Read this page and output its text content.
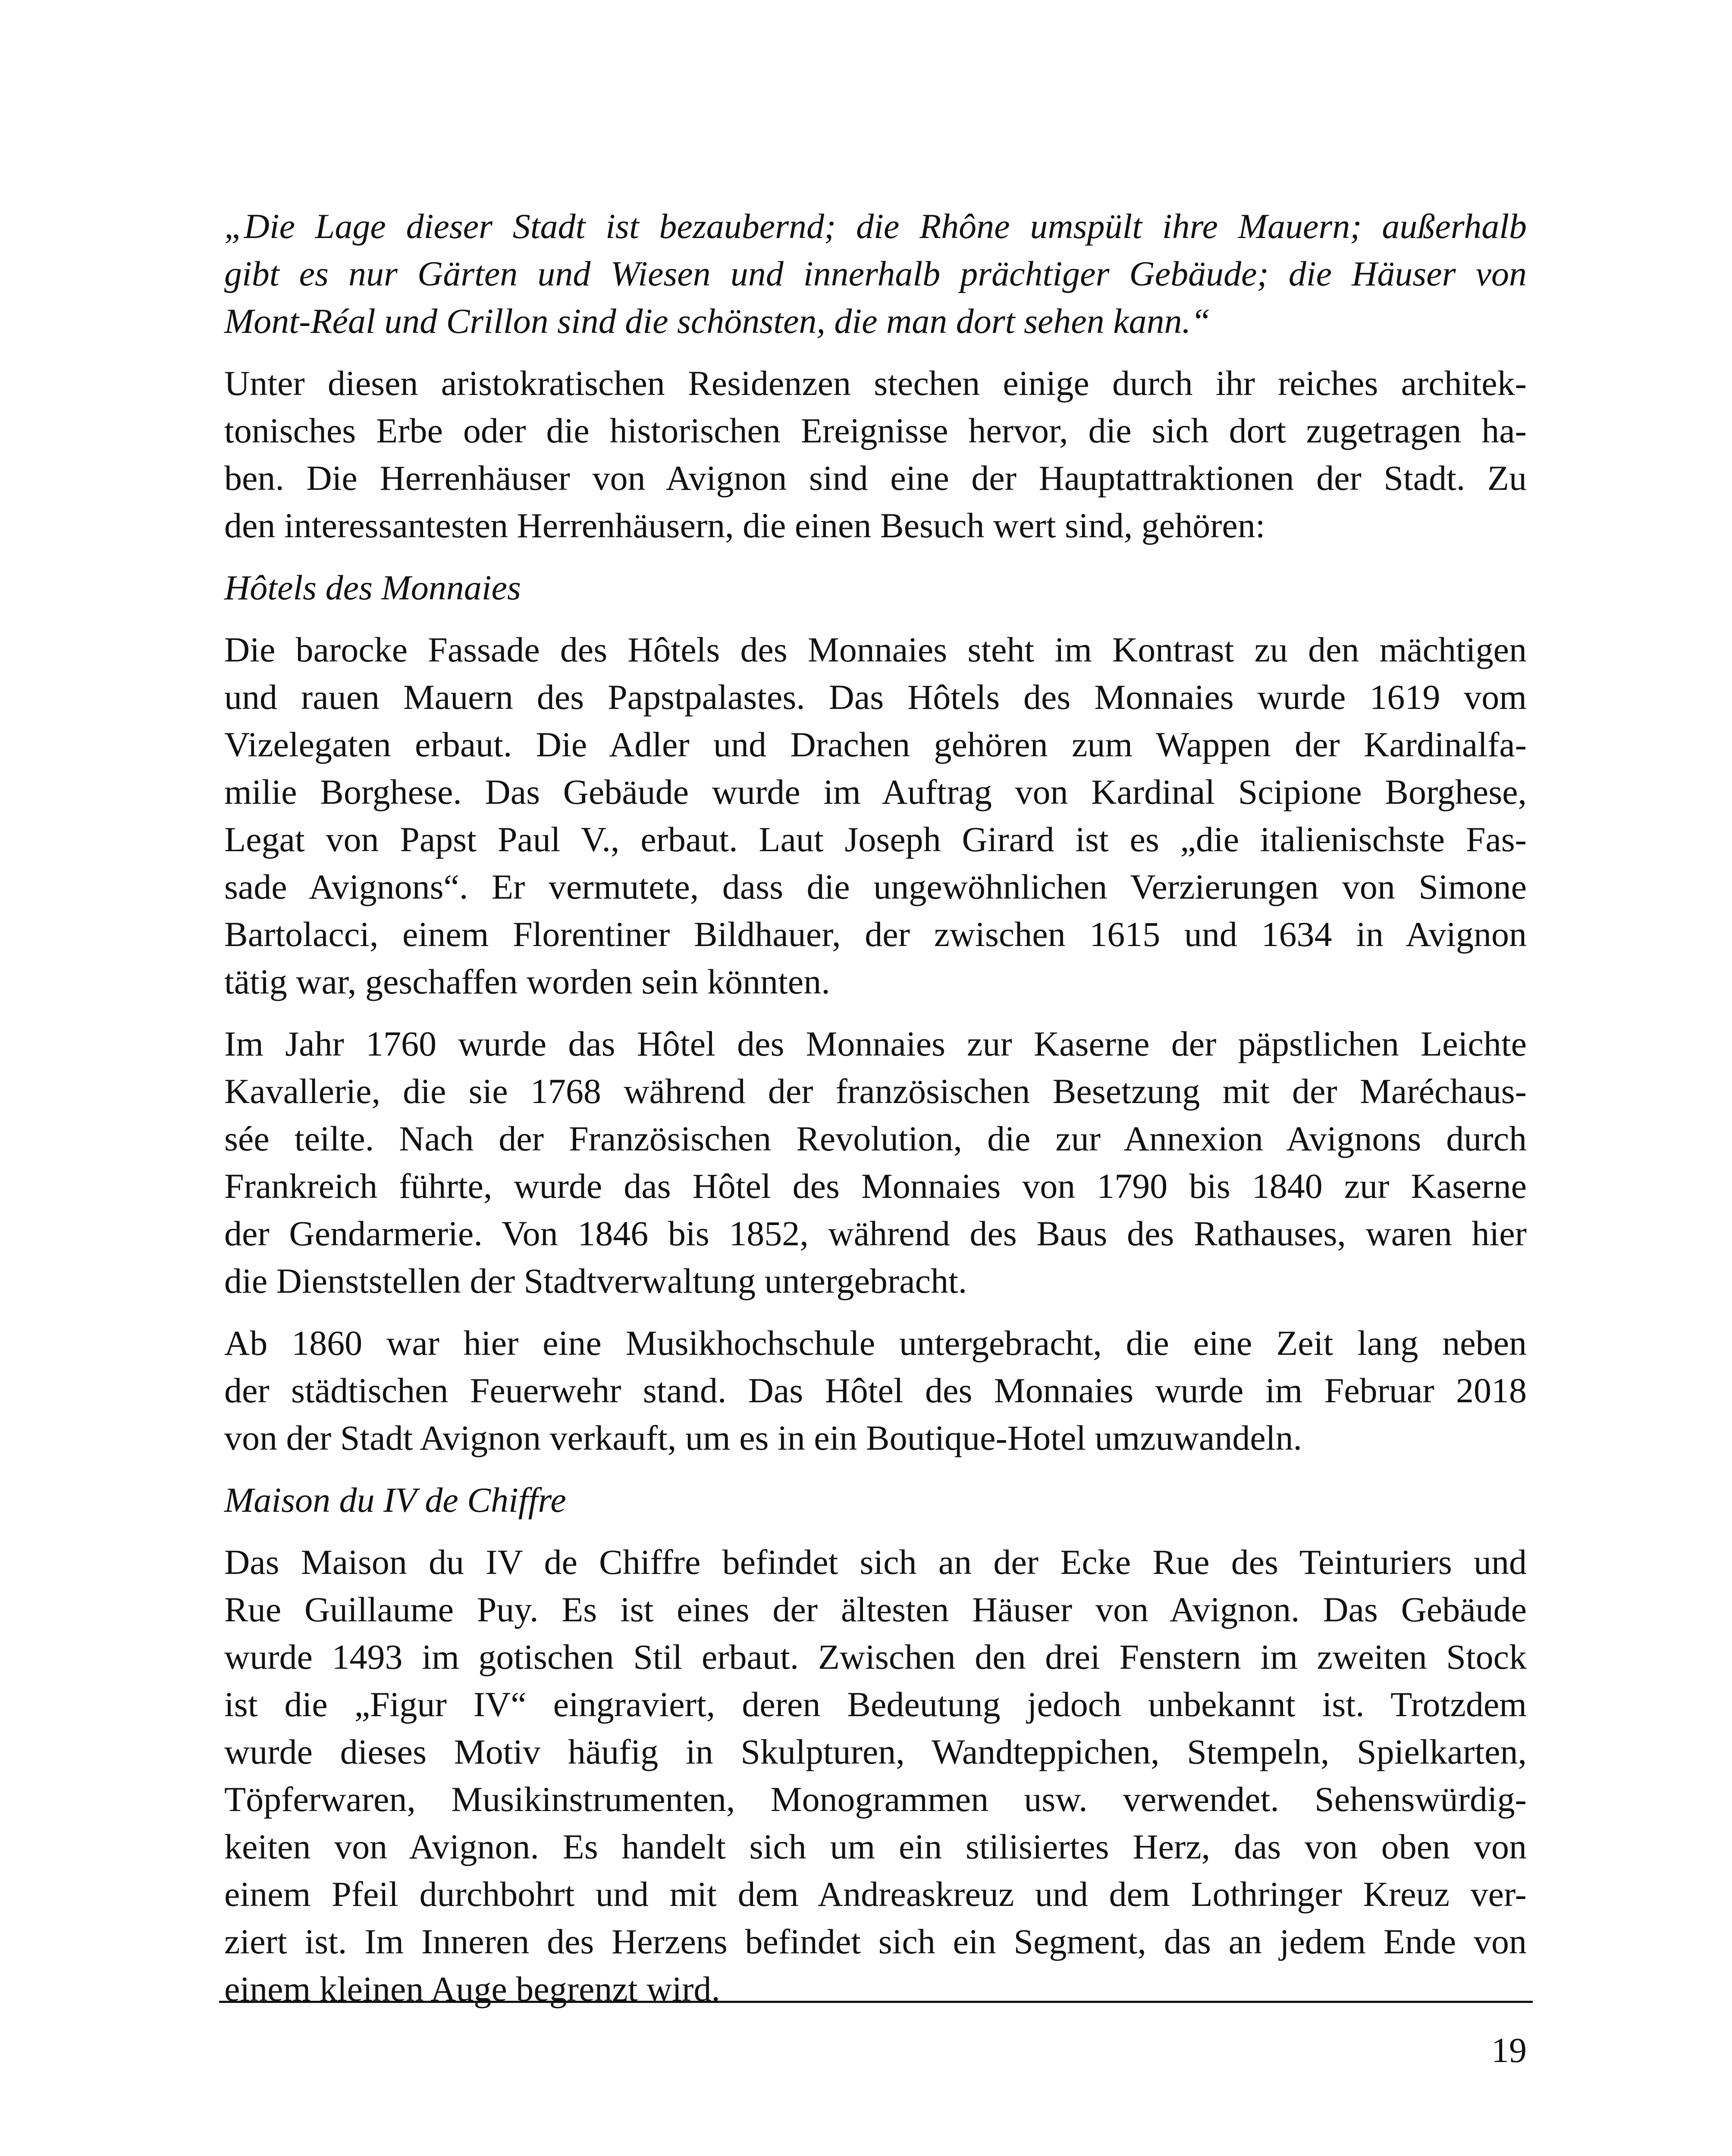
„Die Lage dieser Stadt ist bezaubernd; die Rhône umspült ihre Mauern; außerhalb
gibt es nur Gärten und Wiesen und innerhalb prächtiger Gebäude; die Häuser von
Mont-Réal und Crillon sind die schönsten, die man dort sehen kann.“
Unter diesen aristokratischen Residenzen stechen einige durch ihr reiches architek-
tonisches Erbe oder die historischen Ereignisse hervor, die sich dort zugetragen ha-
ben. Die Herrenhäuser von Avignon sind eine der Hauptattraktionen der Stadt. Zu
den interessantesten Herrenhäusern, die einen Besuch wert sind, gehören:
Hôtels des Monnaies
Die barocke Fassade des Hôtels des Monnaies steht im Kontrast zu den mächtigen
und rauen Mauern des Papstpalastes. Das Hôtels des Monnaies wurde 1619 vom
Vizelegaten erbaut. Die Adler und Drachen gehören zum Wappen der Kardinalfa-
milie Borghese. Das Gebäude wurde im Auftrag von Kardinal Scipione Borghese,
Legat von Papst Paul V., erbaut. Laut Joseph Girard ist es „die italienischste Fas-
sade Avignons“. Er vermutete, dass die ungewöhnlichen Verzierungen von Simone
Bartolacci, einem Florentiner Bildhauer, der zwischen 1615 und 1634 in Avignon
tätig war, geschaffen worden sein könnten.
Im Jahr 1760 wurde das Hôtel des Monnaies zur Kaserne der päpstlichen Leichte
Kavallerie, die sie 1768 während der französischen Besetzung mit der Maréchaus-
sée teilte. Nach der Französischen Revolution, die zur Annexion Avignons durch
Frankreich führte, wurde das Hôtel des Monnaies von 1790 bis 1840 zur Kaserne
der Gendarmerie. Von 1846 bis 1852, während des Baus des Rathauses, waren hier
die Dienststellen der Stadtverwaltung untergebracht.
Ab 1860 war hier eine Musikhochschule untergebracht, die eine Zeit lang neben
der städtischen Feuerwehr stand. Das Hôtel des Monnaies wurde im Februar 2018
von der Stadt Avignon verkauft, um es in ein Boutique-Hotel umzuwandeln.
Maison du IV de Chiffre
Das Maison du IV de Chiffre befindet sich an der Ecke Rue des Teinturiers und
Rue Guillaume Puy. Es ist eines der ältesten Häuser von Avignon. Das Gebäude
wurde 1493 im gotischen Stil erbaut. Zwischen den drei Fenstern im zweiten Stock
ist die „Figur IV“ eingraviert, deren Bedeutung jedoch unbekannt ist. Trotzdem
wurde dieses Motiv häufig in Skulpturen, Wandteppichen, Stempeln, Spielkarten,
Töpferwaren, Musikinstrumenten, Monogrammen usw. verwendet. Sehenswürdig-
keiten von Avignon. Es handelt sich um ein stilisiertes Herz, das von oben von
einem Pfeil durchbohrt und mit dem Andreaskreuz und dem Lothringer Kreuz ver-
ziert ist. Im Inneren des Herzens befindet sich ein Segment, das an jedem Ende von
einem kleinen Auge begrenzt wird.
19
